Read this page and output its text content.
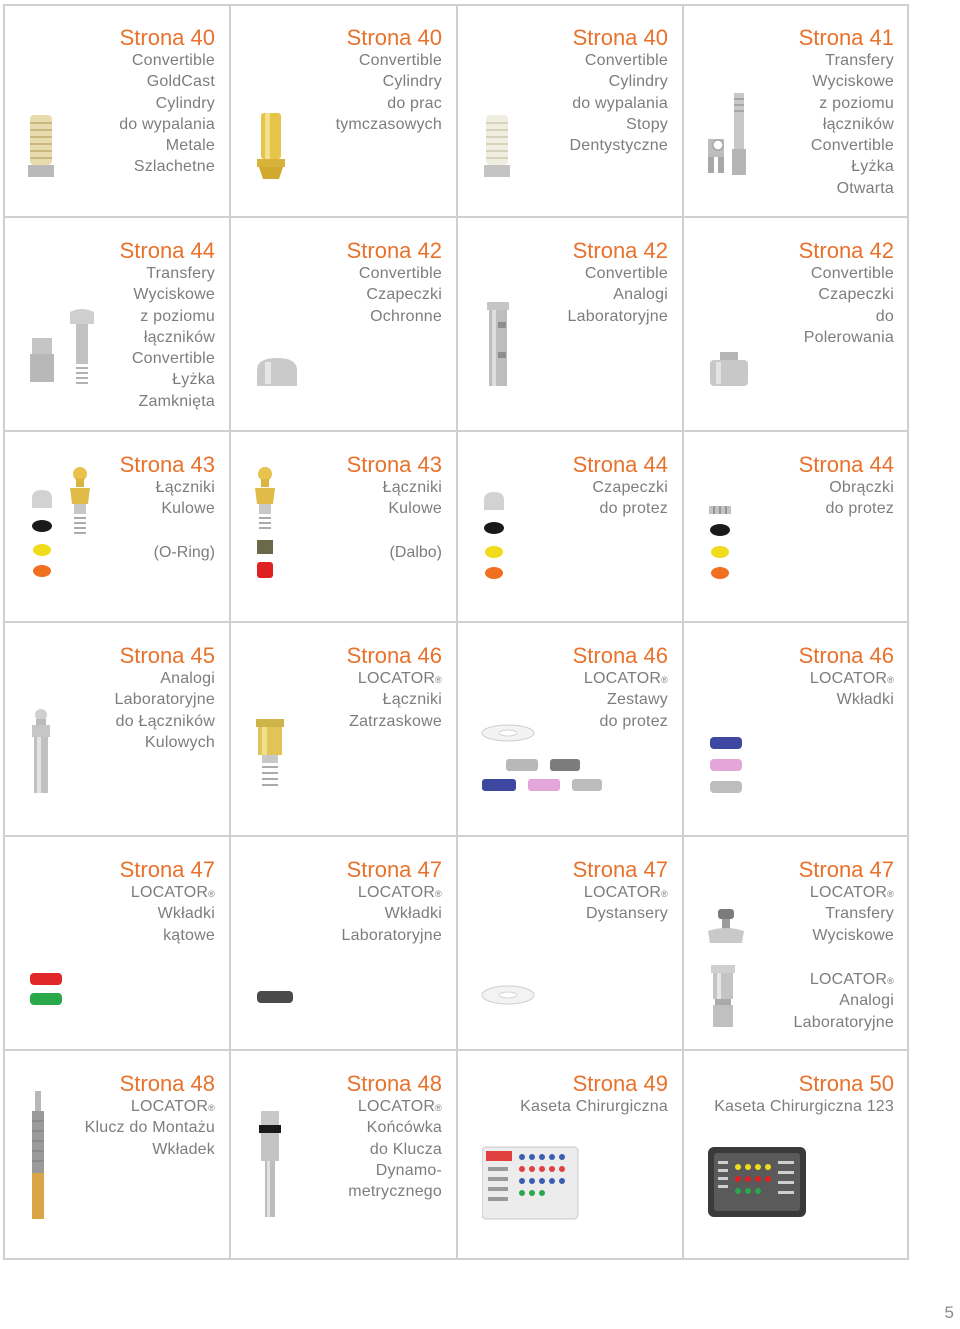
Strona 40
Convertible
GoldCast
Cylindry
do wypalania
Metale
Szlachetne
Strona 40
Convertible
Cylindry
do prac
tymczasowych
Strona 40
Convertible
Cylindry
do wypalania
Stopy
Dentystyczne
Strona 41
Transfery
Wyciskowe
z poziomu
łączników
Convertible
Łyżka
Otwarta
Strona 44
Transfery
Wyciskowe
z poziomu
łączników
Convertible
Łyżka
Zamknięta
Strona 42
Convertible
Czapeczki
Ochronne
Strona 42
Convertible
Analogi
Laboratoryjne
Strona 42
Convertible
Czapeczki
do
Polerowania
Strona 43
Łączniki
Kulowe
(O-Ring)
Strona 43
Łączniki
Kulowe
(Dalbo)
Strona 44
Czapeczki
do protez
Strona 44
Obrączki
do protez
Strona 45
Analogi
Laboratoryjne
do Łączników
Kulowych
Strona 46
LOCATOR®
Łączniki
Zatrzaskowe
Strona 46
LOCATOR®
Zestawy
do protez
Strona 46
LOCATOR®
Wkładki
Strona 47
LOCATOR®
Wkładki
kątowe
Strona 47
LOCATOR®
Wkładki
Laboratoryjne
Strona 47
LOCATOR®
Dystansery
Strona 47
LOCATOR®
Transfery
Wyciskowe
LOCATOR®
Analogi
Laboratoryjne
Strona 48
LOCATOR®
Klucz do Montażu
Wkładek
Strona 48
LOCATOR®
Końcówka
do Klucza
Dynamo-
metrycznego
Strona 49
Kaseta Chirurgiczna
Strona 50
Kaseta Chirurgiczna 123
5
